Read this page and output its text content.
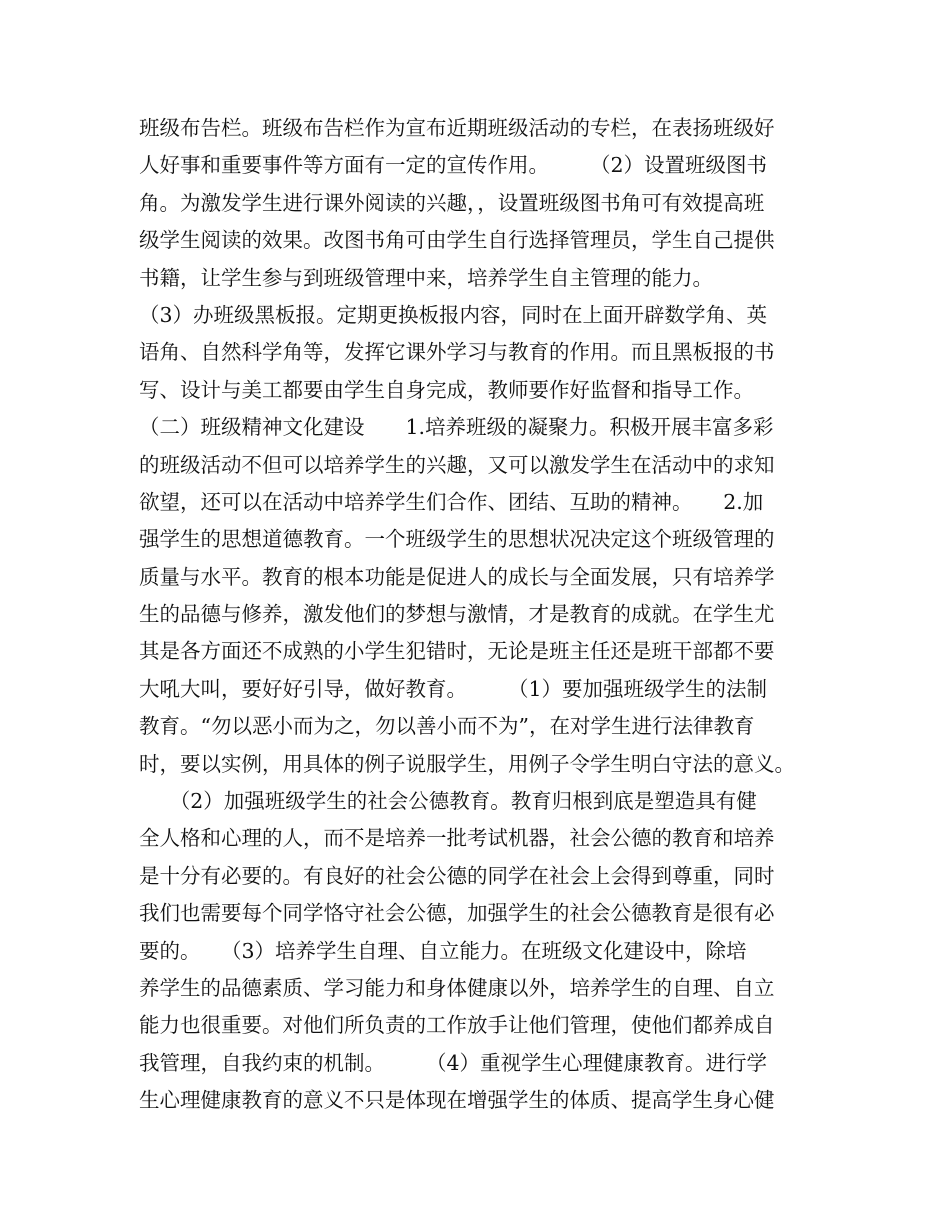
班级布告栏。班级布告栏作为宣布近期班级活动的专栏，在表扬班级好
人好事和重要事件等方面有一定的宣传作用。　　　（2）设置班级图书
角。为激发学生进行课外阅读的兴趣，，设置班级图书角可有效提高班
级学生阅读的效果。改图书角可由学生自行选择管理员，学生自己提供
书籍，让学生参与到班级管理中来，培养学生自主管理的能力。
（3）办班级黑板报。定期更换板报内容，同时在上面开辟数学角、英
语角、自然科学角等，发挥它课外学习与教育的作用。而且黑板报的书
写、设计与美工都要由学生自身完成，教师要作好监督和指导工作。
（二）班级精神文化建设　　1.培养班级的凝聚力。积极开展丰富多彩
的班级活动不但可以培养学生的兴趣，又可以激发学生在活动中的求知
欲望，还可以在活动中培养学生们合作、团结、互助的精神。　　2.加
强学生的思想道德教育。一个班级学生的思想状况决定这个班级管理的
质量与水平。教育的根本功能是促进人的成长与全面发展，只有培养学
生的品德与修养，激发他们的梦想与激情，才是教育的成就。在学生尤
其是各方面还不成熟的小学生犯错时，无论是班主任还是班干部都不要
大吼大叫，要好好引导，做好教育。　　　（1）要加强班级学生的法制
教育。“勿以恶小而为之，勿以善小而不为”，在对学生进行法律教育
时，要以实例，用具体的例子说服学生，用例子令学生明白守法的意义。
　　（2）加强班级学生的社会公德教育。教育归根到底是塑造具有健
全人格和心理的人，而不是培养一批考试机器，社会公德的教育和培养
是十分有必要的。有良好的社会公德的同学在社会上会得到尊重，同时
我们也需要每个同学恪守社会公德，加强学生的社会公德教育是很有必
要的。　　（3）培养学生自理、自立能力。在班级文化建设中，除培
养学生的品德素质、学习能力和身体健康以外，培养学生的自理、自立
能力也很重要。对他们所负责的工作放手让他们管理，使他们都养成自
我管理，自我约束的机制。　　　（4）重视学生心理健康教育。进行学
生心理健康教育的意义不只是体现在增强学生的体质、提高学生身心健
